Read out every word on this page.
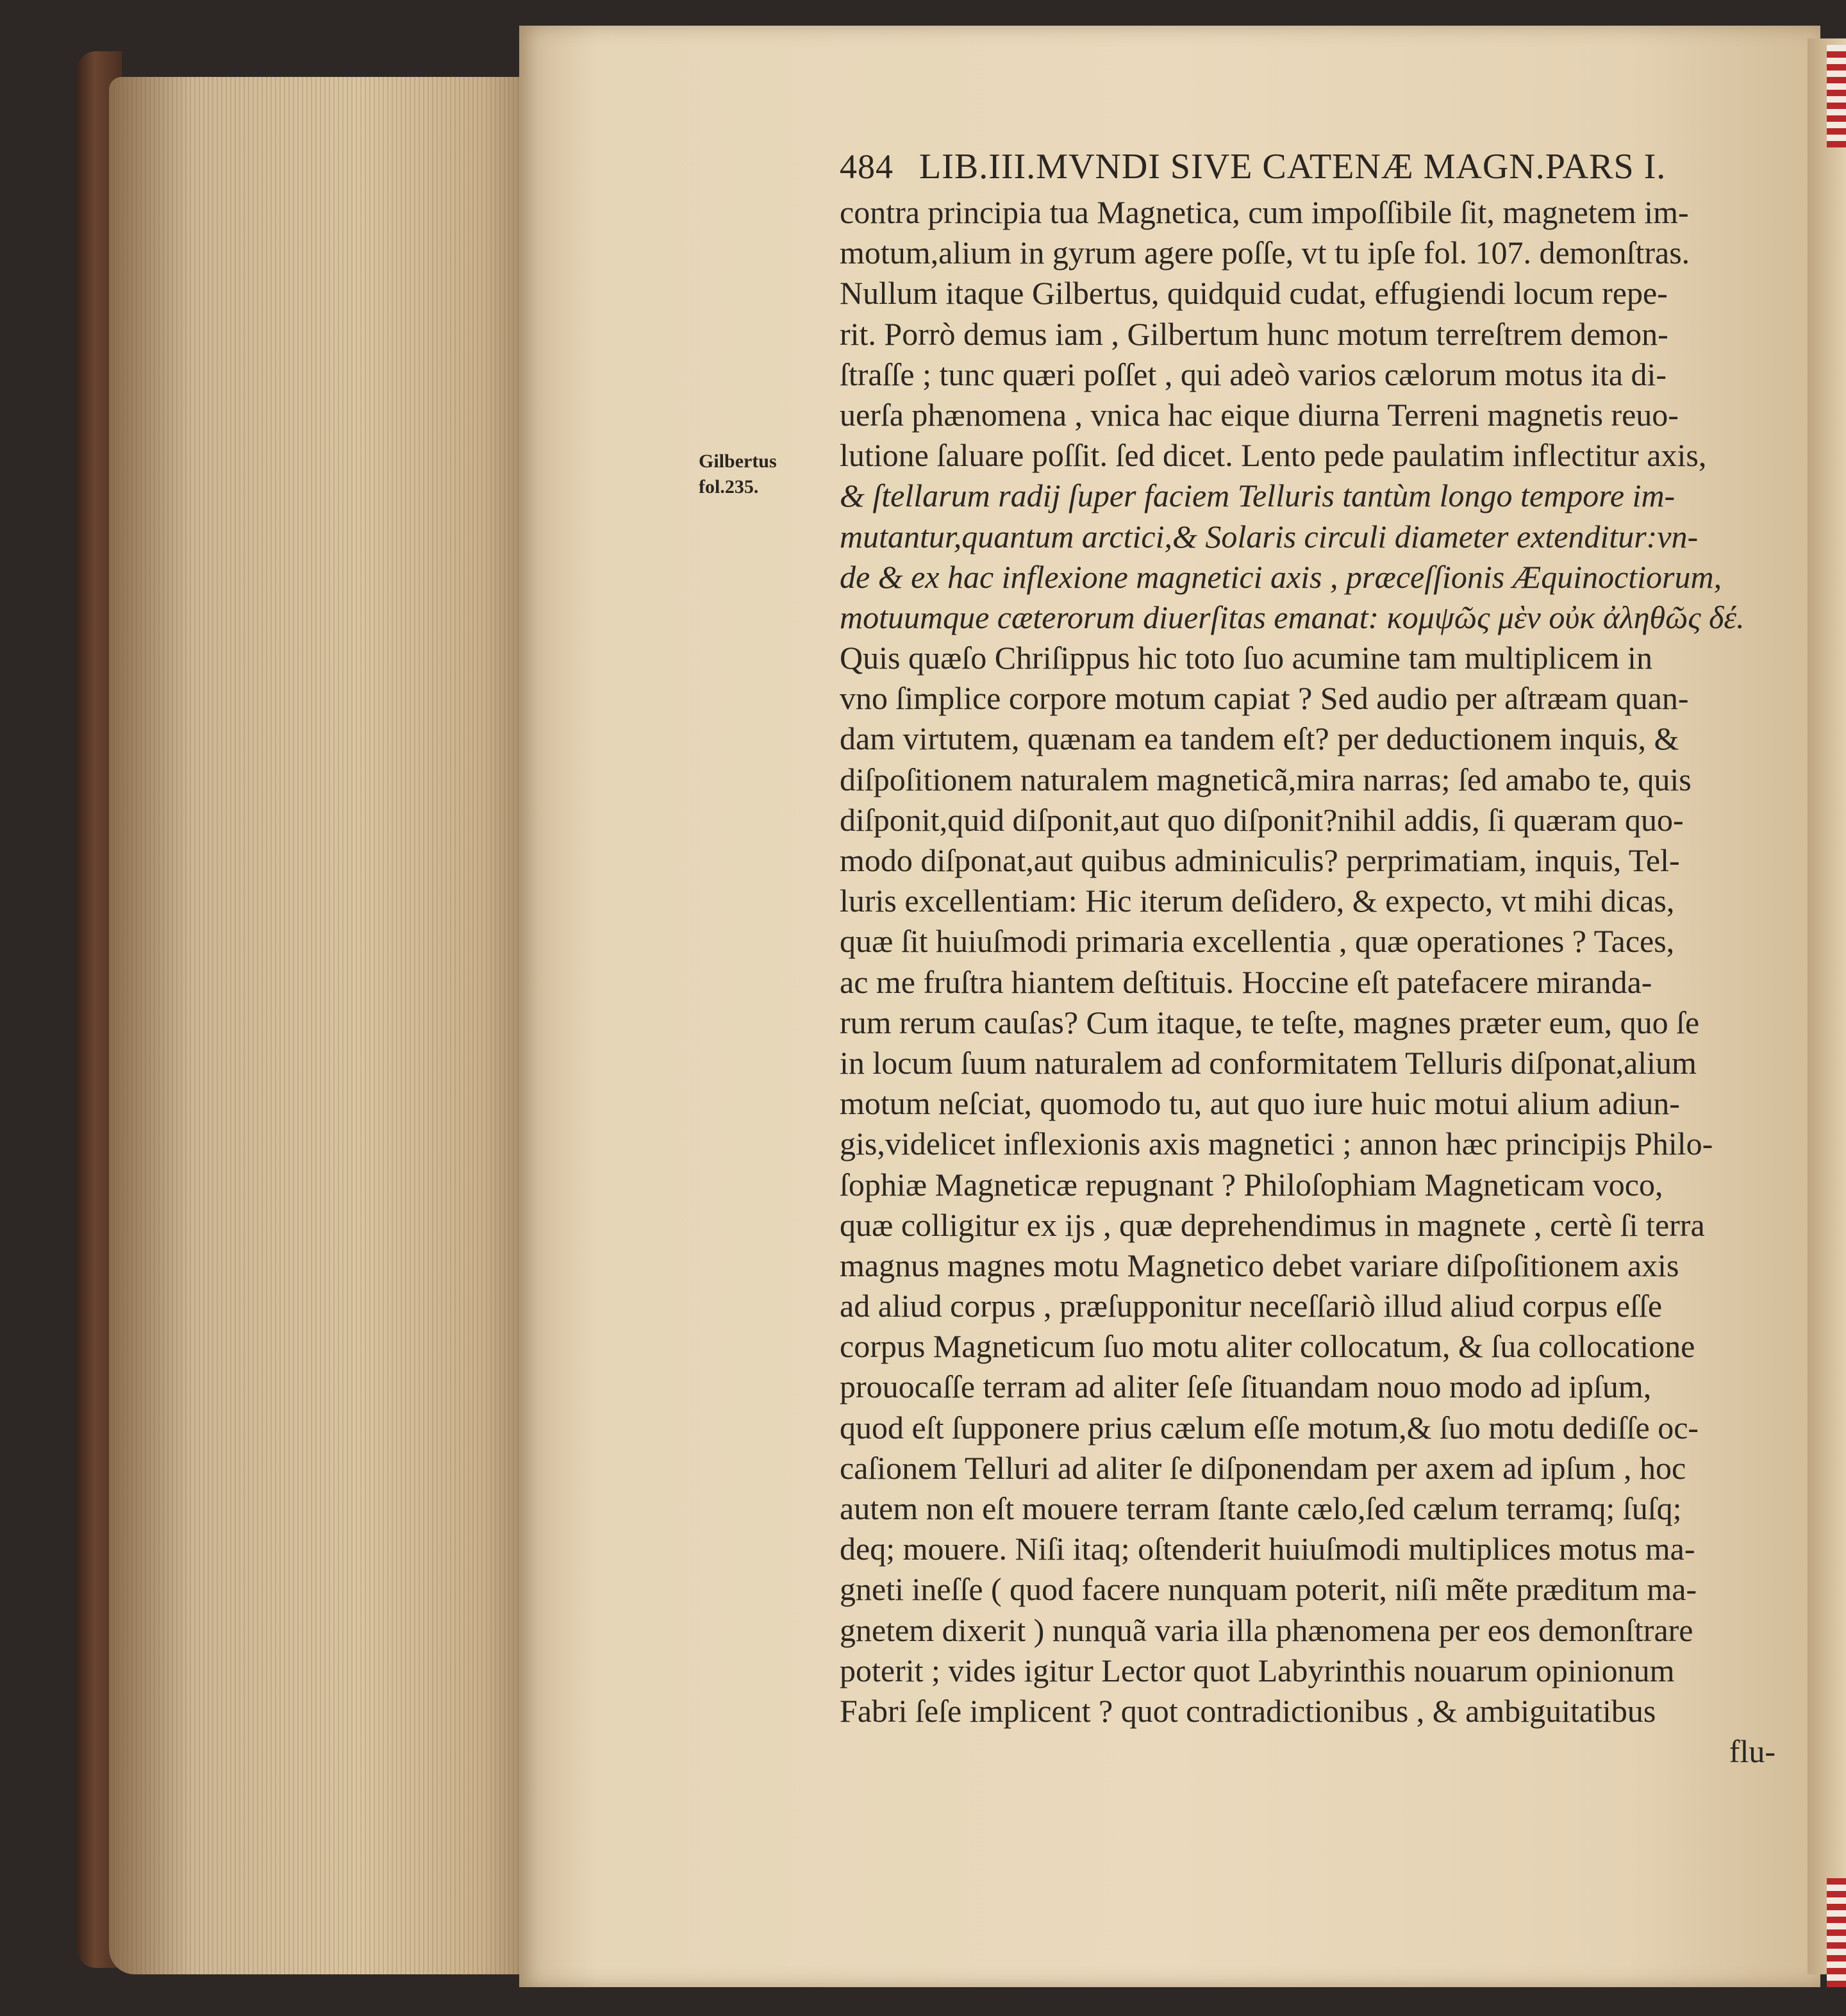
484 LIB.III.MVNDI SIVE CATENÆ MAGN.PARS I.
Gilbertus
fol.235.
contra principia tua Magnetica, cum impoſſibile ſit, magnetem im-
motum,alium in gyrum agere poſſe, vt tu ipſe fol. 107. demonſtras.
Nullum itaque Gilbertus, quidquid cudat, effugiendi locum repe-
rit. Porrò demus iam , Gilbertum hunc motum terreſtrem demon-
ſtraſſe ; tunc quæri poſſet , qui adeò varios cælorum motus ita di-
uerſa phænomena , vnica hac eique diurna Terreni magnetis reuo-
lutione ſaluare poſſit. ſed dicet. Lento pede paulatim inflectitur axis,
& ſtellarum radij ſuper faciem Telluris tantùm longo tempore im-
mutantur,quantum arctici,& Solaris circuli diameter extenditur:vn-
de & ex hac inflexione magnetici axis , præceſſionis Æquinoctiorum,
motuumque cæterorum diuerſitas emanat: κομψῶς μὲν οὐκ ἀληθῶς δέ.
Quis quæſo Chriſippus hic toto ſuo acumine tam multiplicem in
vno ſimplice corpore motum capiat ? Sed audio per aſtræam quan-
dam virtutem, quænam ea tandem eſt? per deductionem inquis, &
diſpoſitionem naturalem magneticã,mira narras; ſed amabo te, quis
diſponit,quid diſponit,aut quo diſponit?nihil addis, ſi quæram quo-
modo diſponat,aut quibus adminiculis? perprimatiam, inquis, Tel-
luris excellentiam: Hic iterum deſidero, & expecto, vt mihi dicas,
quæ ſit huiuſmodi primaria excellentia , quæ operationes ? Taces,
ac me fruſtra hiantem deſtituis. Hoccine eſt patefacere miranda-
rum rerum cauſas? Cum itaque, te teſte, magnes præter eum, quo ſe
in locum ſuum naturalem ad conformitatem Telluris diſponat,alium
motum neſciat, quomodo tu, aut quo iure huic motui alium adiun-
gis,videlicet inflexionis axis magnetici ; annon hæc principijs Philo-
ſophiæ Magneticæ repugnant ? Philoſophiam Magneticam voco,
quæ colligitur ex ijs , quæ deprehendimus in magnete , certè ſi terra
magnus magnes motu Magnetico debet variare diſpoſitionem axis
ad aliud corpus , præſupponitur neceſſariò illud aliud corpus eſſe
corpus Magneticum ſuo motu aliter collocatum, & ſua collocatione
prouocaſſe terram ad aliter ſeſe ſituandam nouo modo ad ipſum,
quod eſt ſupponere prius cælum eſſe motum,& ſuo motu dediſſe oc-
caſionem Telluri ad aliter ſe diſponendam per axem ad ipſum , hoc
autem non eſt mouere terram ſtante cælo,ſed cælum terramq; ſuſq;
deq; mouere. Niſi itaq; oſtenderit huiuſmodi multiplices motus ma-
gneti ineſſe ( quod facere nunquam poterit, niſi mẽte præditum ma-
gnetem dixerit ) nunquã varia illa phænomena per eos demonſtrare
poterit ; vides igitur Lector quot Labyrinthis nouarum opinionum
Fabri ſeſe implicent ? quot contradictionibus , & ambiguitatibus
flu-
